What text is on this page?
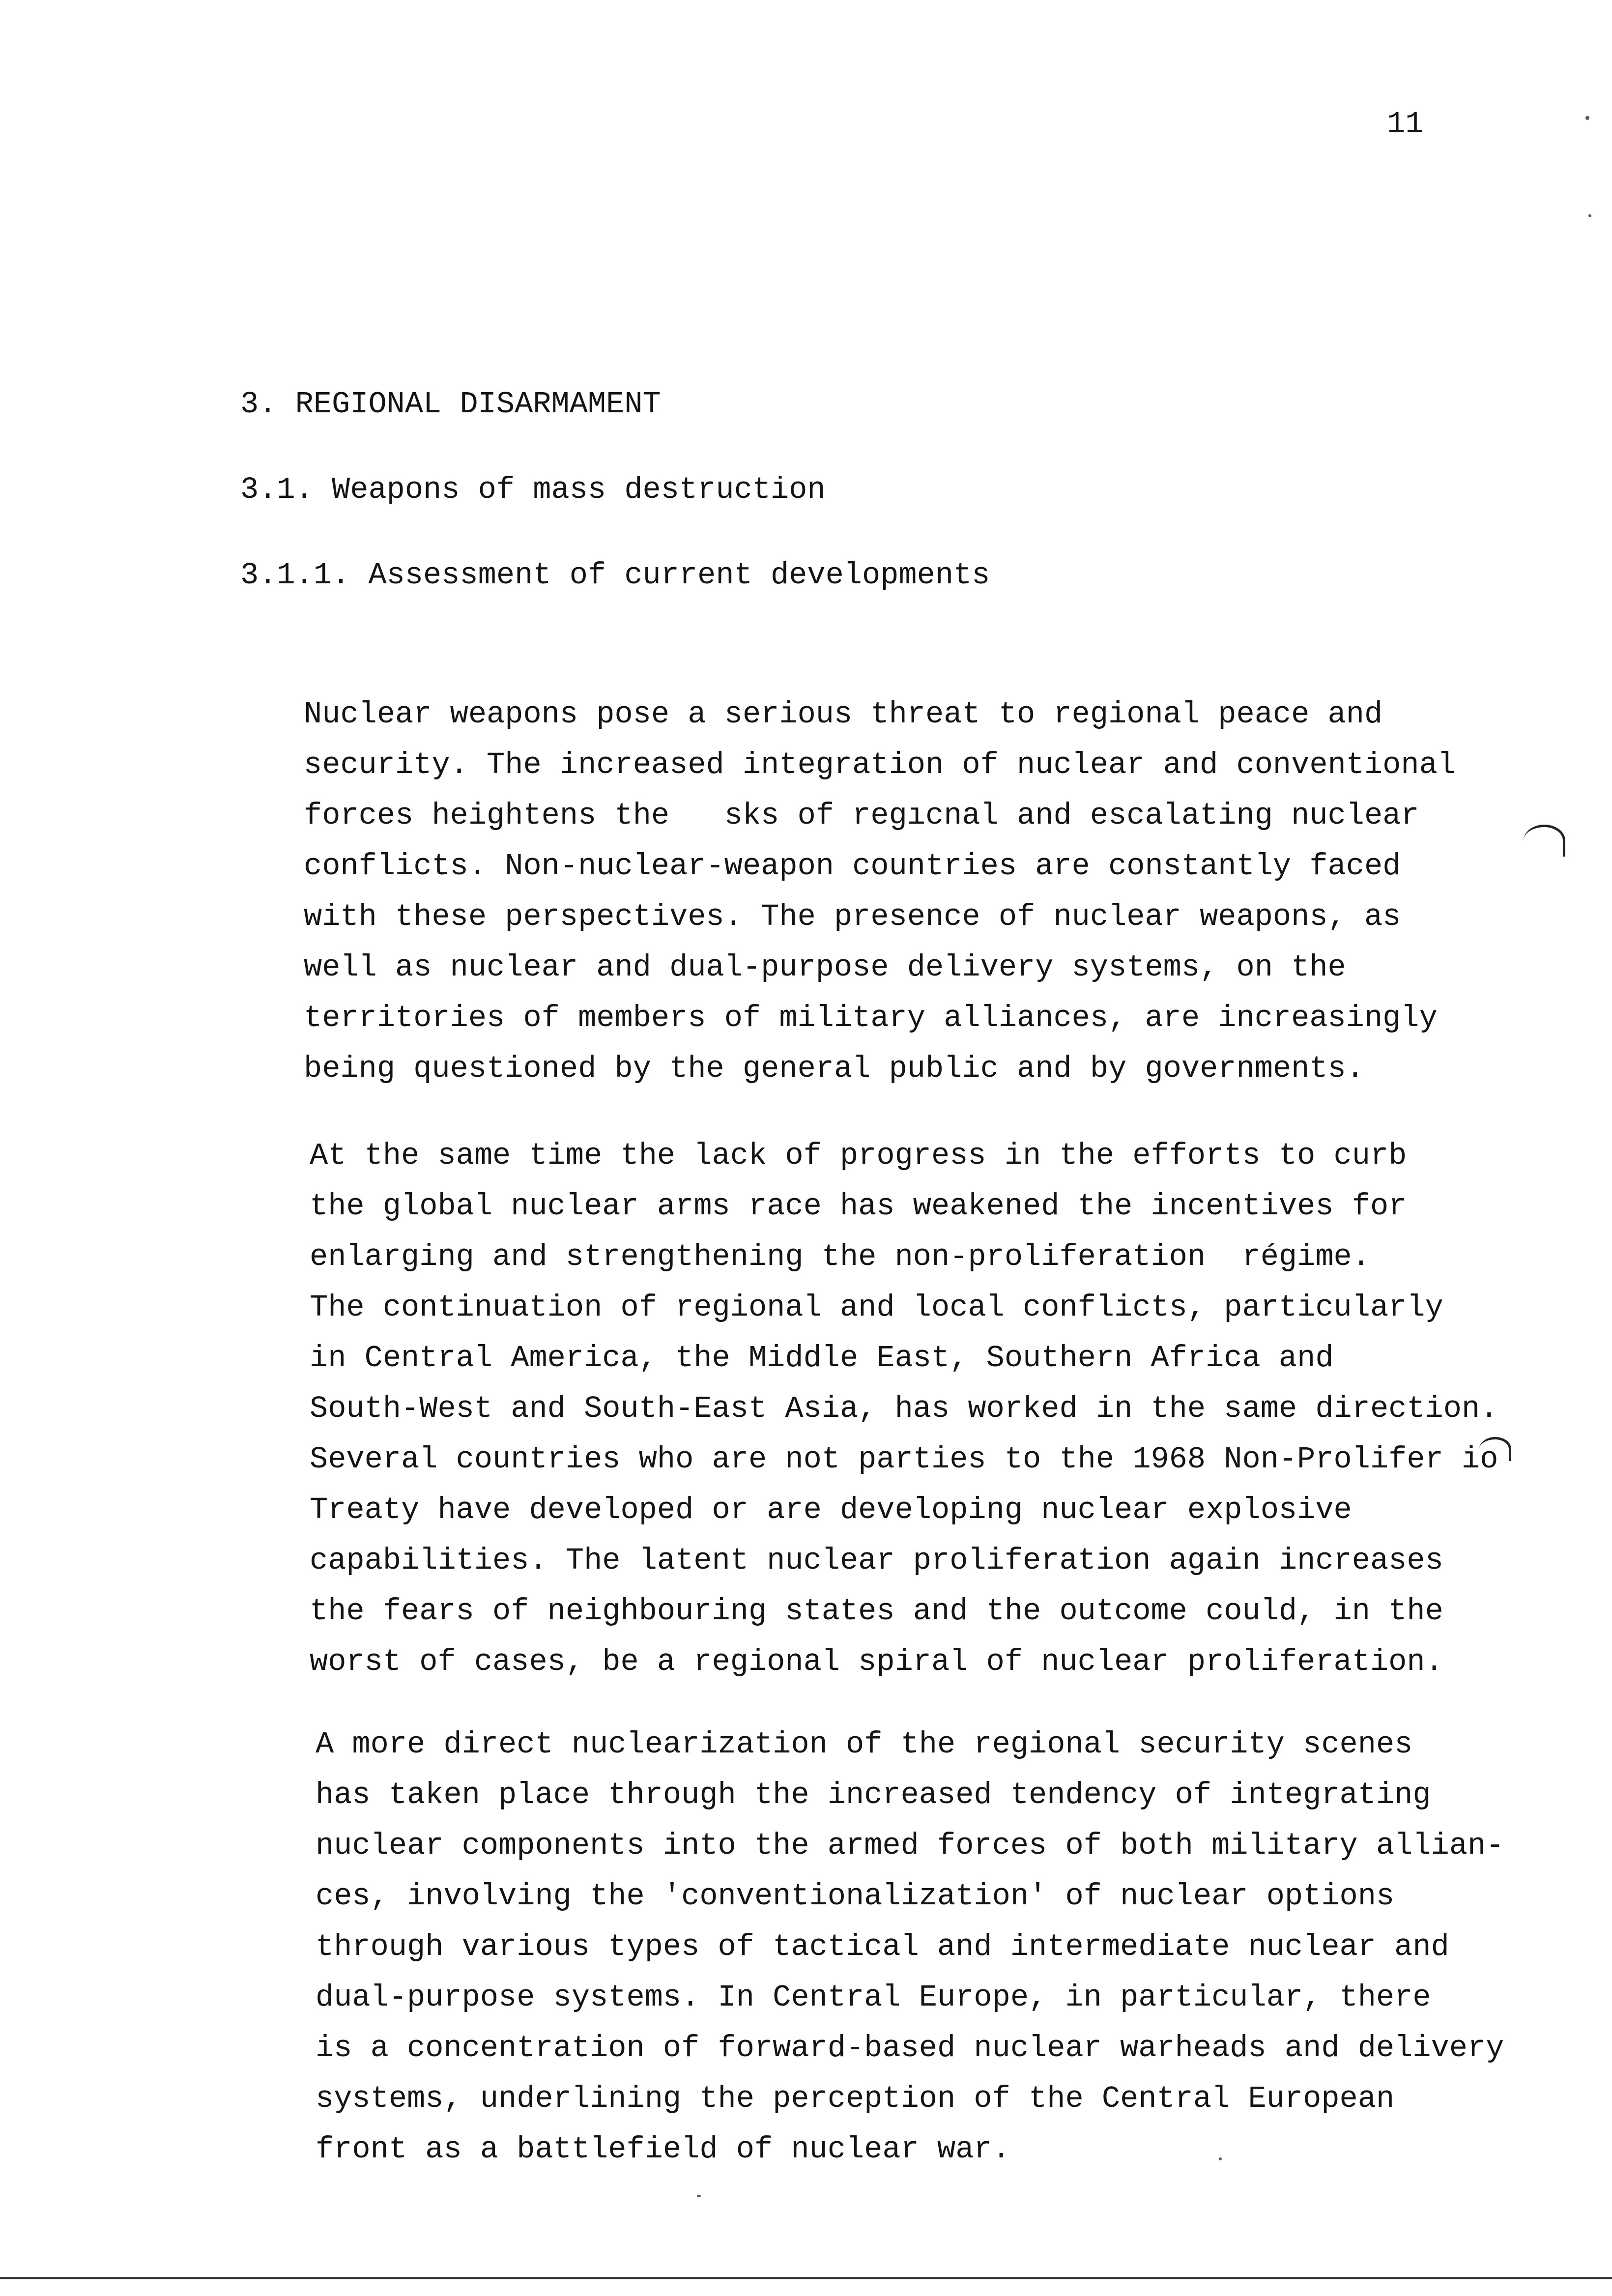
11
3. REGIONAL DISARMAMENT
3.1. Weapons of mass destruction
3.1.1. Assessment of current developments
Nuclear weapons pose a serious threat to regional peace and
security. The increased integration of nuclear and conventional
forces heightens the   sks of regıcnal and escalating nuclear
conflicts. Non-nuclear-weapon countries are constantly faced
with these perspectives. The presence of nuclear weapons, as
well as nuclear and dual-purpose delivery systems, on the
territories of members of military alliances, are increasingly
being questioned by the general public and by governments.
At the same time the lack of progress in the efforts to curb
the global nuclear arms race has weakened the incentives for
enlarging and strengthening the non-proliferation  régime.
The continuation of regional and local conflicts, particularly
in Central America, the Middle East, Southern Africa and
South-West and South-East Asia, has worked in the same direction.
Several countries who are not parties to the 1968 Non-Prolifer io
Treaty have developed or are developing nuclear explosive
capabilities. The latent nuclear proliferation again increases
the fears of neighbouring states and the outcome could, in the
worst of cases, be a regional spiral of nuclear proliferation.
A more direct nuclearization of the regional security scenes
has taken place through the increased tendency of integrating
nuclear components into the armed forces of both military allian-
ces, involving the 'conventionalization' of nuclear options
through various types of tactical and intermediate nuclear and
dual-purpose systems. In Central Europe, in particular, there
is a concentration of forward-based nuclear warheads and delivery
systems, underlining the perception of the Central European
front as a battlefield of nuclear war.
